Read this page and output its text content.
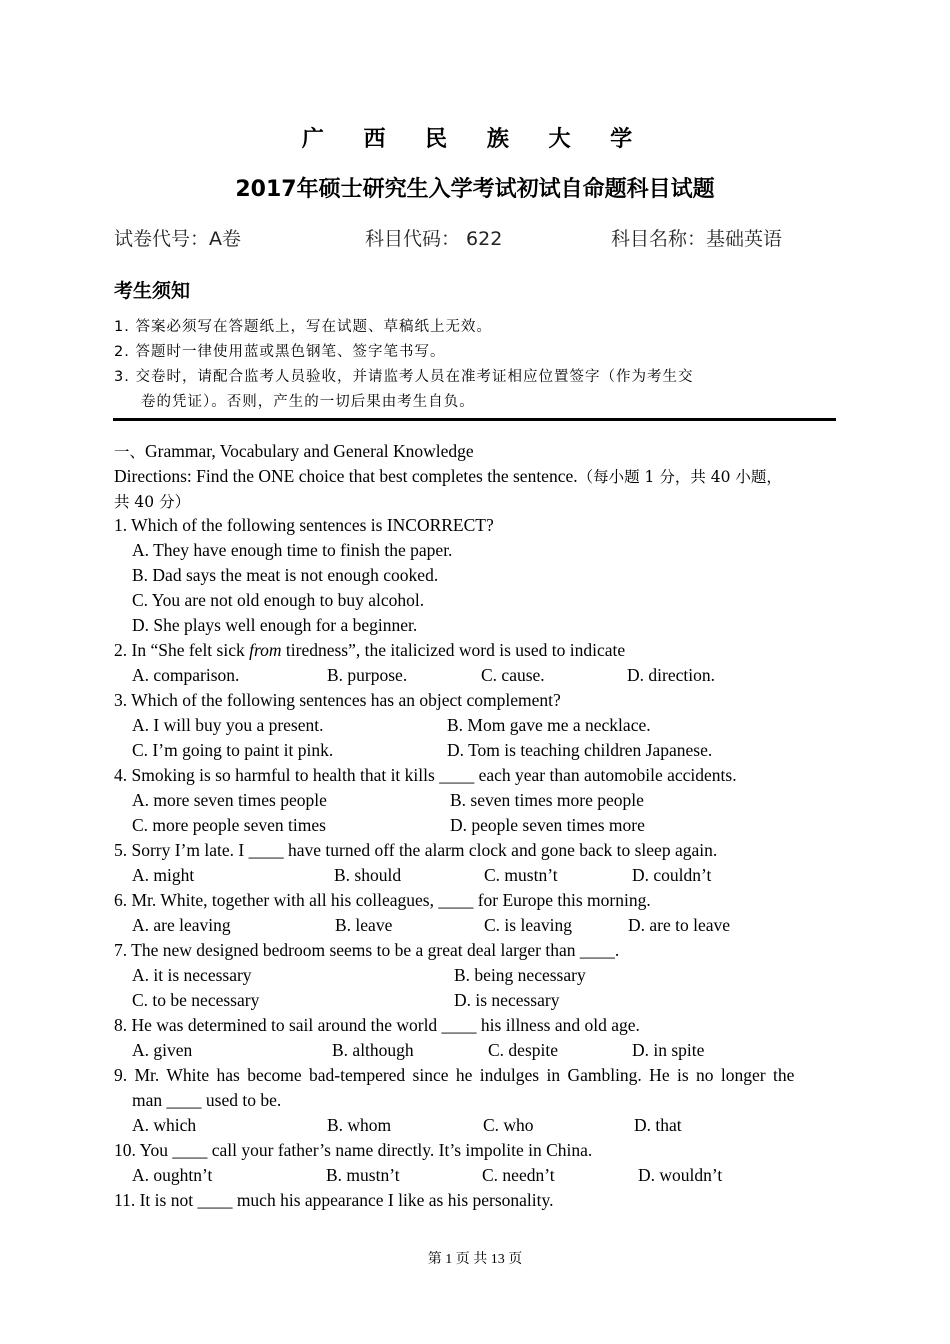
广 西 民 族 大 学
2017年硕士研究生入学考试初试自命题科目试题
试卷代号：A卷	科目代码： 622	科目名称：基础英语
考生须知
1. 答案必须写在答题纸上，写在试题、草稿纸上无效。
2. 答题时一律使用蓝或黑色钢笔、签字笔书写。
3. 交卷时，请配合监考人员验收，并请监考人员在准考证相应位置签字（作为考生交
卷的凭证）。否则，产生的一切后果由考生自负。
一、Grammar, Vocabulary and General Knowledge
Directions: Find the ONE choice that best completes the sentence.（每小题 1 分，共 40 小题，
共 40 分）
1. Which of the following sentences is INCORRECT?
A. They have enough time to finish the paper.
B. Dad says the meat is not enough cooked.
C. You are not old enough to buy alcohol.
D. She plays well enough for a beginner.
2. In “She felt sick from tiredness”, the italicized word is used to indicate
A. comparison.	B. purpose.	C. cause.	D. direction.
3. Which of the following sentences has an object complement?
A. I will buy you a present.	B. Mom gave me a necklace.
C. I’m going to paint it pink.	D. Tom is teaching children Japanese.
4. Smoking is so harmful to health that it kills ____ each year than automobile accidents.
A. more seven times people	B. seven times more people
C. more people seven times	D. people seven times more
5. Sorry I’m late. I ____ have turned off the alarm clock and gone back to sleep again.
A. might	B. should	C. mustn’t	D. couldn’t
6. Mr. White, together with all his colleagues, ____ for Europe this morning.
A. are leaving	B. leave	C. is leaving	D. are to leave
7. The new designed bedroom seems to be a great deal larger than ____.
A. it is necessary	B. being necessary
C. to be necessary	D. is necessary
8. He was determined to sail around the world ____ his illness and old age.
A. given	B. although	C. despite	D. in spite
9. Mr. White has become bad-tempered since he indulges in Gambling. He is no longer the
man ____ used to be.
A. which	B. whom	C. who	D. that
10. You ____ call your father’s name directly. It’s impolite in China.
A. oughtn’t	B. mustn’t	C. needn’t	D. wouldn’t
11. It is not ____ much his appearance I like as his personality.
第 1 页 共 13 页
